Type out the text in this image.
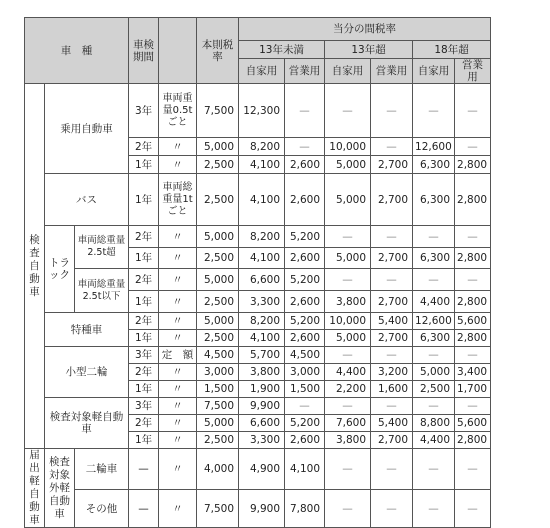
車　種			車検期間		本則税率	当分の間税率					
						13年未満		13年超		18年超	
						自家用	営業用	自家用	営業用	自家用	営業用
検査自動車	乗用自動車		3年	車両重量0.5tごと	7,500	12,300	—	—	—	—	—
			2年	〃	5,000	8,200	—	10,000	—	12,600	—
			1年	〃	2,500	4,100	2,600	5,000	2,700	6,300	2,800
	バス		1年	車両総重量1tごと	2,500	4,100	2,600	5,000	2,700	6,300	2,800
	トラック	車両総重量2.5t超	2年	〃	5,000	8,200	5,200	—	—	—	—
			1年	〃	2,500	4,100	2,600	5,000	2,700	6,300	2,800
		車両総重量2.5t以下	2年	〃	5,000	6,600	5,200	—	—	—	—
			1年	〃	2,500	3,300	2,600	3,800	2,700	4,400	2,800
	特種車		2年	〃	5,000	8,200	5,200	10,000	5,400	12,600	5,600
			1年	〃	2,500	4,100	2,600	5,000	2,700	6,300	2,800
	小型二輪		3年	定　額	4,500	5,700	4,500	—	—	—	—
			2年	〃	3,000	3,800	3,000	4,400	3,200	5,000	3,400
			1年	〃	1,500	1,900	1,500	2,200	1,600	2,500	1,700
	検査対象軽自動車		3年	〃	7,500	9,900	—	—	—	—	—
			2年	〃	5,000	6,600	5,200	7,600	5,400	8,800	5,600
			1年	〃	2,500	3,300	2,600	3,800	2,700	4,400	2,800
届出軽自動車	検査対象外軽自動車	二輪車	—	〃	4,000	4,900	4,100	—	—	—	—
		その他	—	〃	7,500	9,900	7,800	—	—	—	—
